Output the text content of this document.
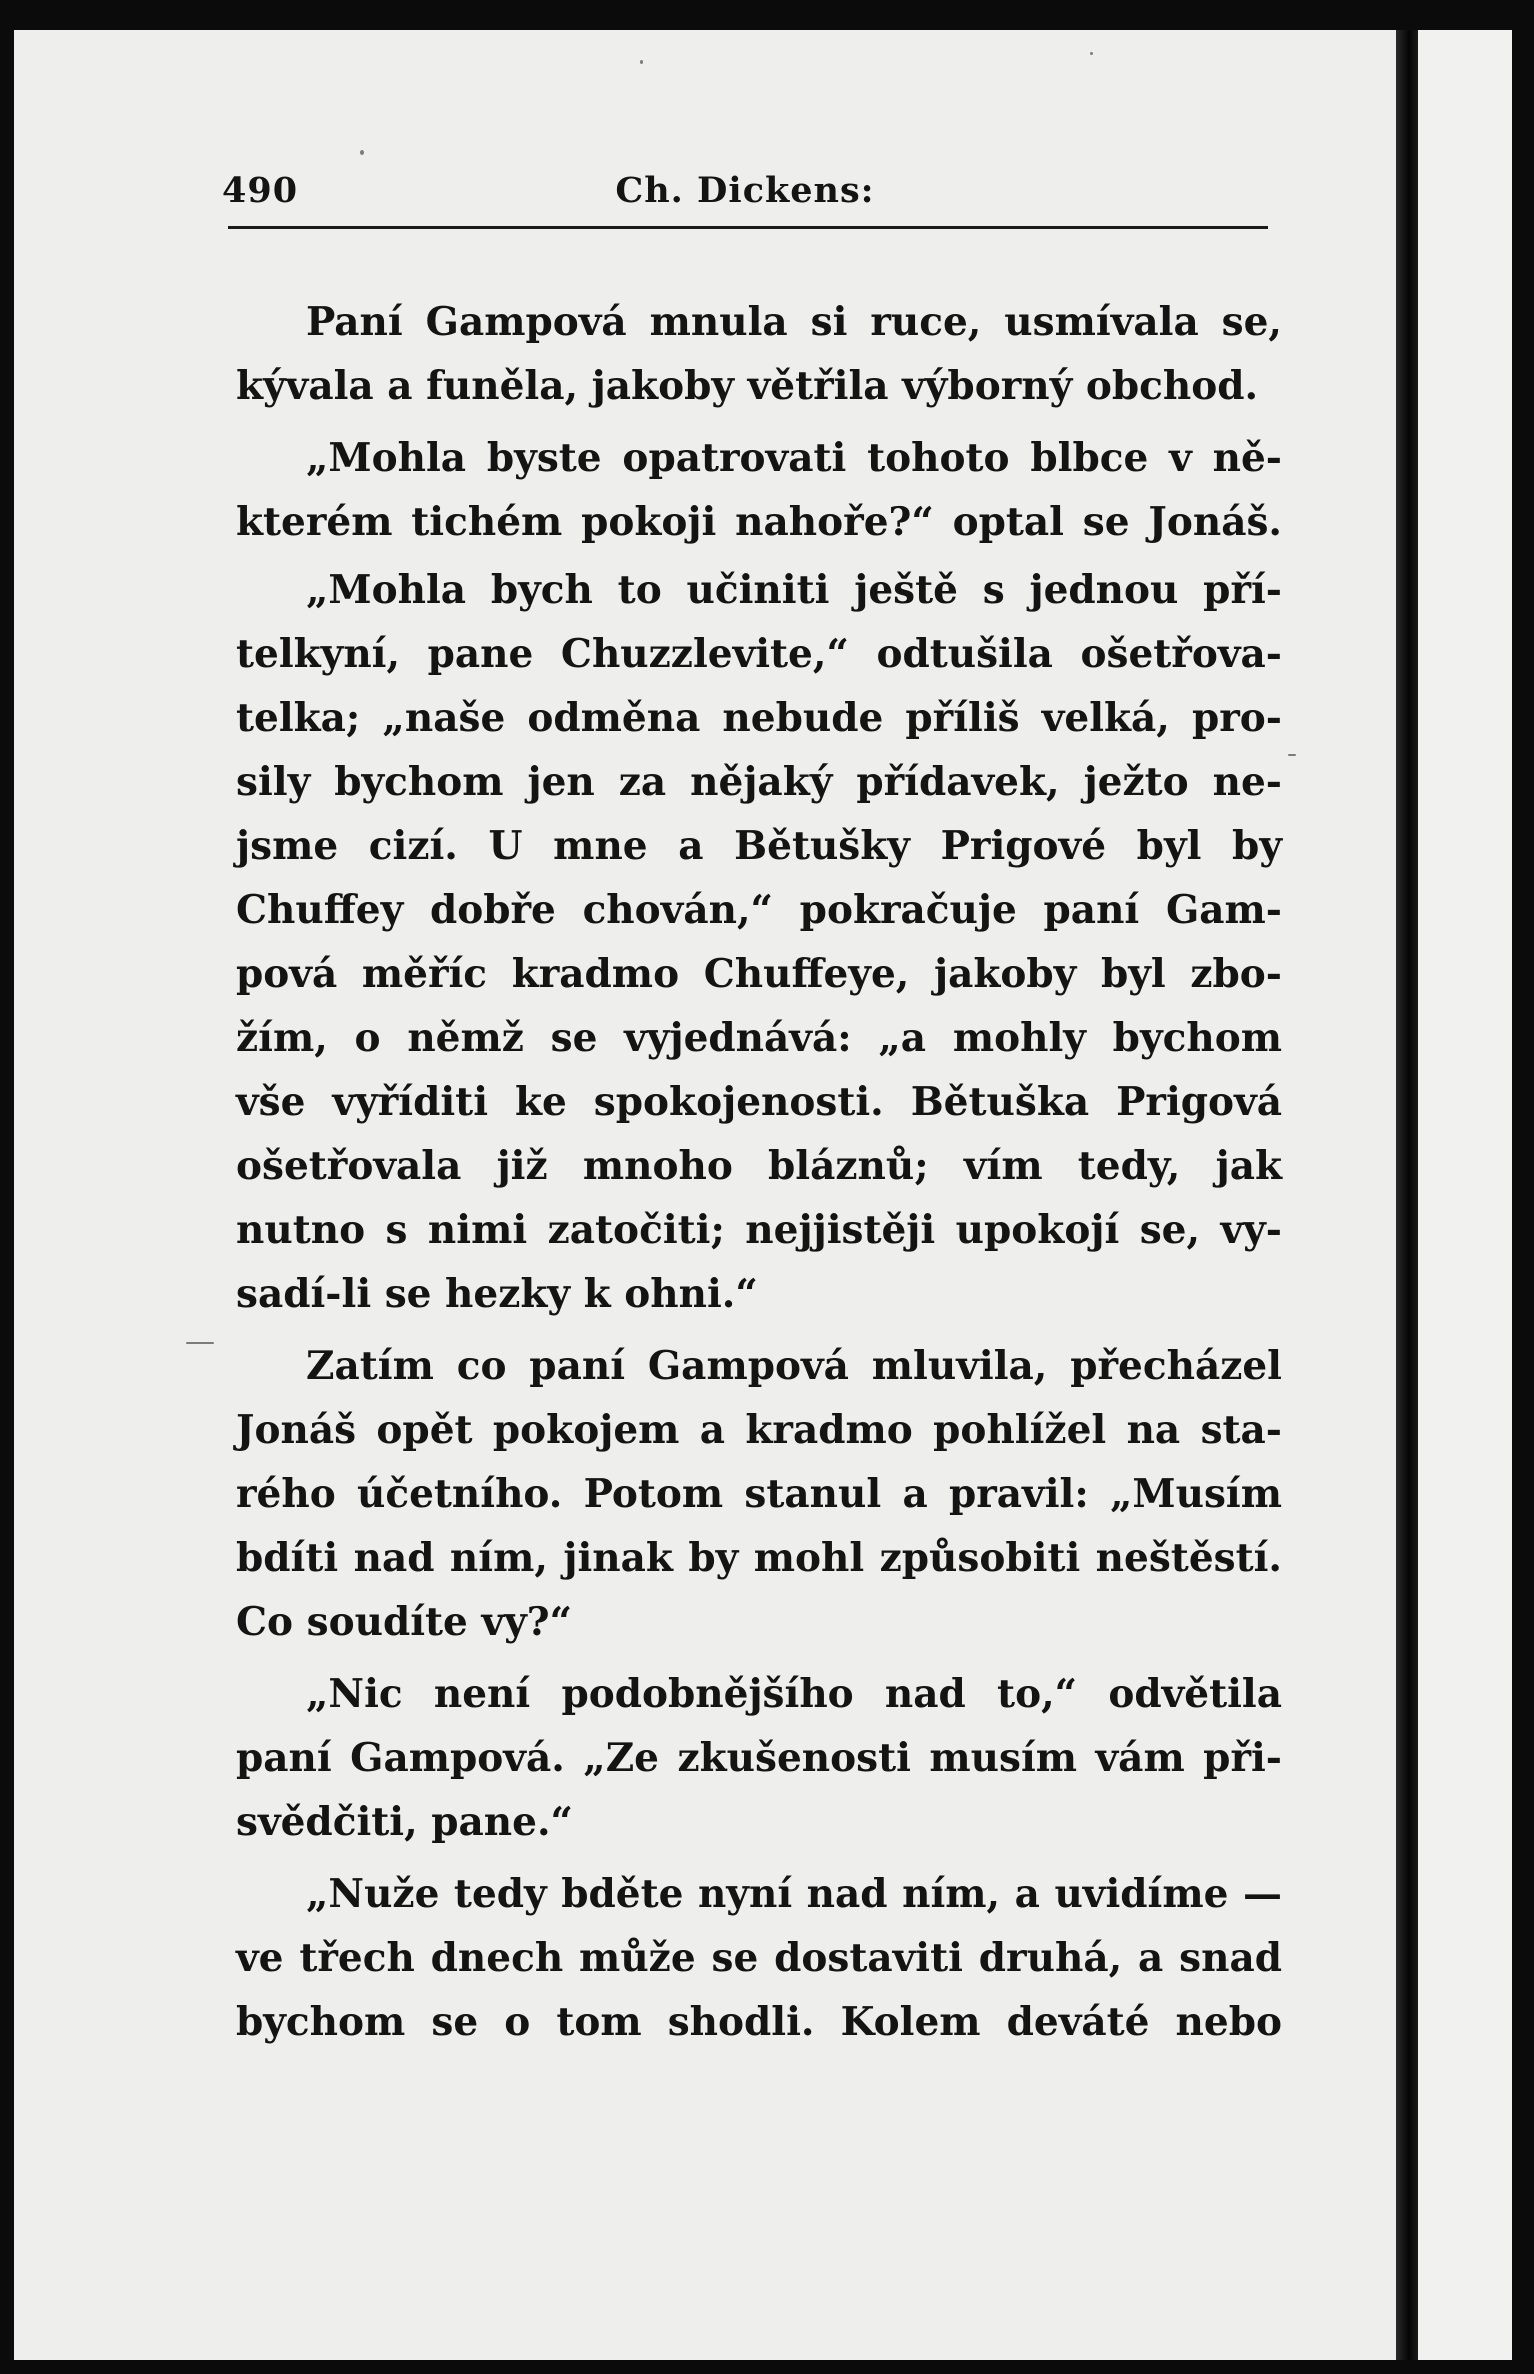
490	Ch. Dickens:
Paní Gampová mnula si ruce, usmívala se,
kývala a funěla, jakoby větřila výborný obchod.
„Mohla byste opatrovati tohoto blbce v ně-
kterém tichém pokoji nahoře?“ optal se Jonáš.
„Mohla bych to učiniti ještě s jednou pří-
telkyní, pane Chuzzlevite,“ odtušila ošetřova-
telka; „naše odměna nebude příliš velká, pro-
sily bychom jen za nějaký přídavek, ježto ne-
jsme cizí. U mne a Bětušky Prigové byl by
Chuffey dobře chován,“ pokračuje paní Gam-
pová měříc kradmo Chuffeye, jakoby byl zbo-
žím, o němž se vyjednává: „a mohly bychom
vše vyříditi ke spokojenosti. Bětuška Prigová
ošetřovala již mnoho bláznů; vím tedy, jak
nutno s nimi zatočiti; nejjistěji upokojí se, vy-
sadí-li se hezky k ohni.“
Zatím co paní Gampová mluvila, přecházel
Jonáš opět pokojem a kradmo pohlížel na sta-
rého účetního. Potom stanul a pravil: „Musím
bdíti nad ním, jinak by mohl způsobiti neštěstí.
Co soudíte vy?“
„Nic není podobnějšího nad to,“ odvětila
paní Gampová. „Ze zkušenosti musím vám při-
svědčiti, pane.“
„Nuže tedy bděte nyní nad ním, a uvidíme —
ve třech dnech může se dostaviti druhá, a snad
bychom se o tom shodli. Kolem deváté nebo
